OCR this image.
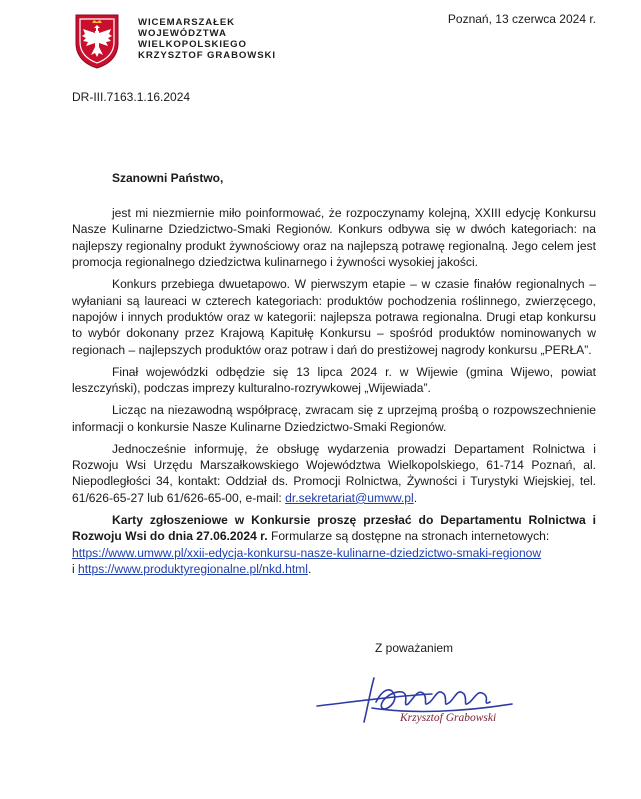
WICEMARSZAŁEK
WOJEWÓDZTWA
WIELKOPOLSKIEGO
KRZYSZTOF GRABOWSKI
Poznań, 13 czerwca 2024 r.
DR-III.7163.1.16.2024
Szanowni Państwo,

jest mi niezmiernie miło poinformować, że rozpoczynamy kolejną, XXIII edycję Konkursu Nasze Kulinarne Dziedzictwo-Smaki Regionów. Konkurs odbywa się w dwóch kategoriach: na najlepszy regionalny produkt żywnościowy oraz na najlepszą potrawę regionalną. Jego celem jest promocja regionalnego dziedzictwa kulinarnego i żywności wysokiej jakości.

Konkurs przebiega dwuetapowo. W pierwszym etapie – w czasie finałów regionalnych – wyłaniani są laureaci w czterech kategoriach: produktów pochodzenia roślinnego, zwierzęcego, napojów i innych produktów oraz w kategorii: najlepsza potrawa regionalna. Drugi etap konkursu to wybór dokonany przez Krajową Kapitułę Konkursu – spośród produktów nominowanych w regionach – najlepszych produktów oraz potraw i dań do prestiżowej nagrody konkursu „PERŁA”.

Finał wojewódzki odbędzie się 13 lipca 2024 r. w Wijewie (gmina Wijewo, powiat leszczyński), podczas imprezy kulturalno-rozrywkowej „Wijewiada”.

Licząc na niezawodną współpracę, zwracam się z uprzejmą prośbą o rozpowszechnienie informacji o konkursie Nasze Kulinarne Dziedzictwo-Smaki Regionów.

Jednocześnie informuję, że obsługę wydarzenia prowadzi Departament Rolnictwa i Rozwoju Wsi Urzędu Marszałkowskiego Województwa Wielkopolskiego, 61-714 Poznań, al. Niepodległości 34, kontakt: Oddział ds. Promocji Rolnictwa, Żywności i Turystyki Wiejskiej, tel. 61/626-65-27 lub 61/626-65-00, e-mail: dr.sekretariat@umww.pl.

Karty zgłoszeniowe w Konkursie proszę przesłać do Departamentu Rolnictwa i Rozwoju Wsi do dnia 27.06.2024 r. Formularze są dostępne na stronach internetowych:

https://www.umww.pl/xxii-edycja-konkursu-nasze-kulinarne-dziedzictwo-smaki-regionow
i https://www.produktyregionalne.pl/nkd.html.
Z poważaniem
Krzysztof Grabowski
